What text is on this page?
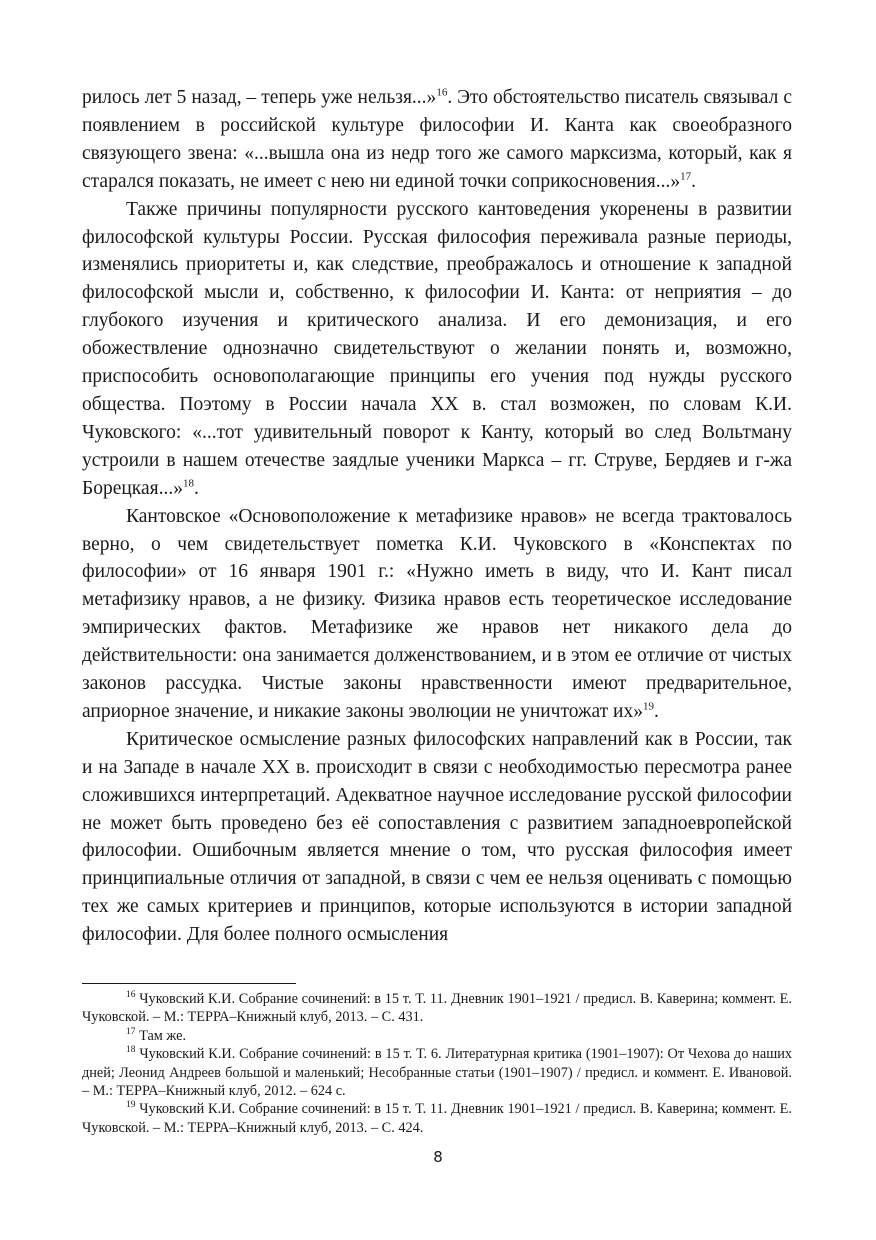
рилось лет 5 назад, – теперь уже нельзя...»$^{16}$. Это обстоятельство писатель связывал с появлением в российской культуре философии И. Канта как своеобразного связующего звена: «...вышла она из недр того же самого марксизма, который, как я старался показать, не имеет с нею ни единой точки соприкосновения...»$^{17}$.

Также причины популярности русского кантоведения укоренены в развитии философской культуры России. Русская философия переживала разные периоды, изменялись приоритеты и, как следствие, преображалось и отношение к западной философской мысли и, собственно, к философии И. Канта: от неприятия – до глубокого изучения и критического анализа. И его демонизация, и его обожествление однозначно свидетельствуют о желании понять и, возможно, приспособить основополагающие принципы его учения под нужды русского общества. Поэтому в России начала XX в. стал возможен, по словам К.И. Чуковского: «...тот удивительный поворот к Канту, который во след Вольтману устроили в нашем отечестве заядлые ученики Маркса – гг. Струве, Бердяев и г-жа Борецкая...»$^{18}$.

Кантовское «Основоположение к метафизике нравов» не всегда трактовалось верно, о чем свидетельствует пометка К.И. Чуковского в «Конспектах по философии» от 16 января 1901 г.: «Нужно иметь в виду, что И. Кант писал метафизику нравов, а не физику. Физика нравов есть теоретическое исследование эмпирических фактов. Метафизике же нравов нет никакого дела до действительности: она занимается долженствованием, и в этом ее отличие от чистых законов рассудка. Чистые законы нравственности имеют предварительное, априорное значение, и никакие законы эволюции не уничтожат их»$^{19}$.

Критическое осмысление разных философских направлений как в России, так и на Западе в начале XX в. происходит в связи с необходимостью пересмотра ранее сложившихся интерпретаций. Адекватное научное исследование русской философии не может быть проведено без её сопоставления с развитием западноевропейской философии. Ошибочным является мнение о том, что русская философия имеет принципиальные отличия от западной, в связи с чем ее нельзя оценивать с помощью тех же самых критериев и принципов, которые используются в истории западной философии. Для более полного осмысления

$^{16}$ Чуковский К.И. Собрание сочинений: в 15 т. Т. 11. Дневник 1901–1921 / предисл. В. Каверина; коммент. Е. Чуковской. – М.: ТЕРРА–Книжный клуб, 2013. – С. 431.

$^{17}$ Там же.

$^{18}$ Чуковский К.И. Собрание сочинений: в 15 т. Т. 6. Литературная критика (1901–1907): От Чехова до наших дней; Леонид Андреев большой и маленький; Несобранные статьи (1901–1907) / предисл. и коммент. Е. Ивановой. – М.: ТЕРРА–Книжный клуб, 2012. – 624 с.

$^{19}$ Чуковский К.И. Собрание сочинений: в 15 т. Т. 11. Дневник 1901–1921 / предисл. В. Каверина; коммент. Е. Чуковской. – М.: ТЕРРА–Книжный клуб, 2013. – С. 424.

8
